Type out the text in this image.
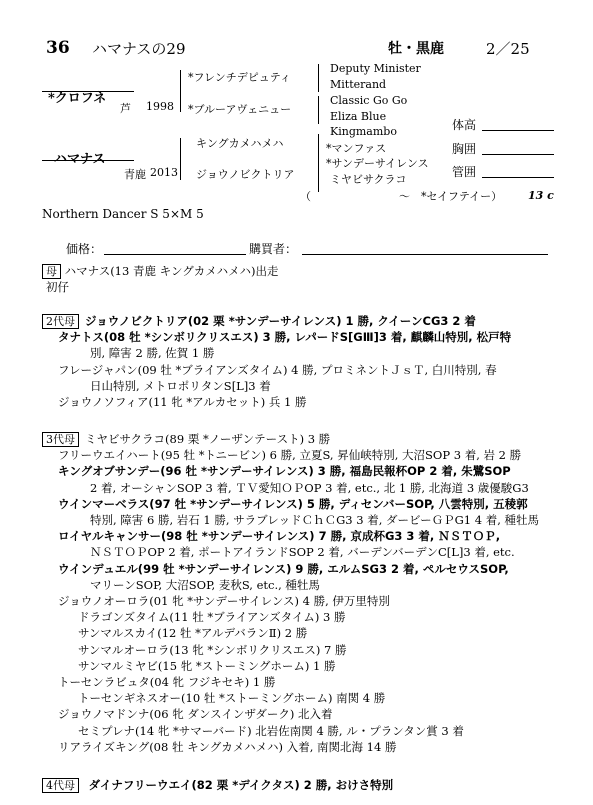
36 ハマナスの29	牡・黒鹿	2／25
*クロフネ
芦 1998
ハマナス
青鹿 2013
*フレンチデピュティ
*ブルーアヴェニュー
キングカメハメハ
ジョウノビクトリア
Deputy Minister
Mitterand
Classic Go Go
Eliza Blue
Kingmambo
*マンファス
*サンデーサイレンス
ミヤビサクラコ
（　　　　　　　　～　*セイフテイー） 13 c
体高
胸囲
管囲
Northern Dancer S 5×M 5
価格：	購買者：
母 ハマナス(13 青鹿 キングカメハメハ)出走
初仔
2代母 ジョウノビクトリア(02 栗 *サンデーサイレンス) 1 勝, クイーンCG3 2 着
タナトス(08 牡 *シンボリクリスエス) 3 勝, レパードS[GⅢ]3 着, 麒麟山特別, 松戸特
別, 障害 2 勝, 佐賀 1 勝
フレージャパン(09 牡 *ブライアンズタイム) 4 勝, プロミネントＪｓＴ, 白川特別, 春
日山特別, メトロポリタンS[L]3 着
ジョウノソフィア(11 牝 *アルカセット) 兵 1 勝
3代母 ミヤビサクラコ(89 栗 *ノーザンテースト) 3 勝
フリーウエイハート(95 牡 *トニービン) 6 勝, 立夏S, 昇仙峡特別, 大沼SOP 3 着, 岩 2 勝
キングオブサンデー(96 牡 *サンデーサイレンス) 3 勝, 福島民報杯OP 2 着, 朱鷺SOP
2 着, オーシャンSOP 3 着, ＴＶ愛知ＯＰOP 3 着, etc., 北 1 勝, 北海道 3 歳優駿G3
ウインマーベラス(97 牡 *サンデーサイレンス) 5 勝, ディセンバーSOP, 八雲特別, 五稜郭
特別, 障害 6 勝, 岩石 1 勝, サラブレッドＣｈＣG3 3 着, ダービーＧＰG1 4 着, 種牡馬
ロイヤルキャンサー(98 牡 *サンデーサイレンス) 7 勝, 京成杯G3 3 着, ＮＳＴＯＰ,
ＮＳＴＯＰOP 2 着, ポートアイランドSOP 2 着, バーデンバーデンC[L]3 着, etc.
ウインデュエル(99 牡 *サンデーサイレンス) 9 勝, エルムSG3 2 着, ペルセウスSOP,
マリーンSOP, 大沼SOP, 麦秋S, etc., 種牡馬
ジョウノオーロラ(01 牝 *サンデーサイレンス) 4 勝, 伊万里特別
ドラゴンズタイム(11 牡 *ブライアンズタイム) 3 勝
サンマルスカイ(12 牡 *アルデバランⅡ) 2 勝
サンマルオーロラ(13 牝 *シンボリクリスエス) 7 勝
サンマルミヤビ(15 牝 *ストーミングホーム) 1 勝
トーセンラビュタ(04 牝 フジキセキ) 1 勝
トーセンギネスオー(10 牡 *ストーミングホーム) 南関 4 勝
ジョウノマドンナ(06 牝 ダンスインザダーク) 北入着
セミプレナ(14 牝 *サマーバード) 北岩佐南関 4 勝, ル・プランタン賞 3 着
リアライズキング(08 牡 キングカメハメハ) 入着, 南関北海 14 勝
4代母 ダイナフリーウエイ(82 栗 *デイクタス) 2 勝, おけさ特別
